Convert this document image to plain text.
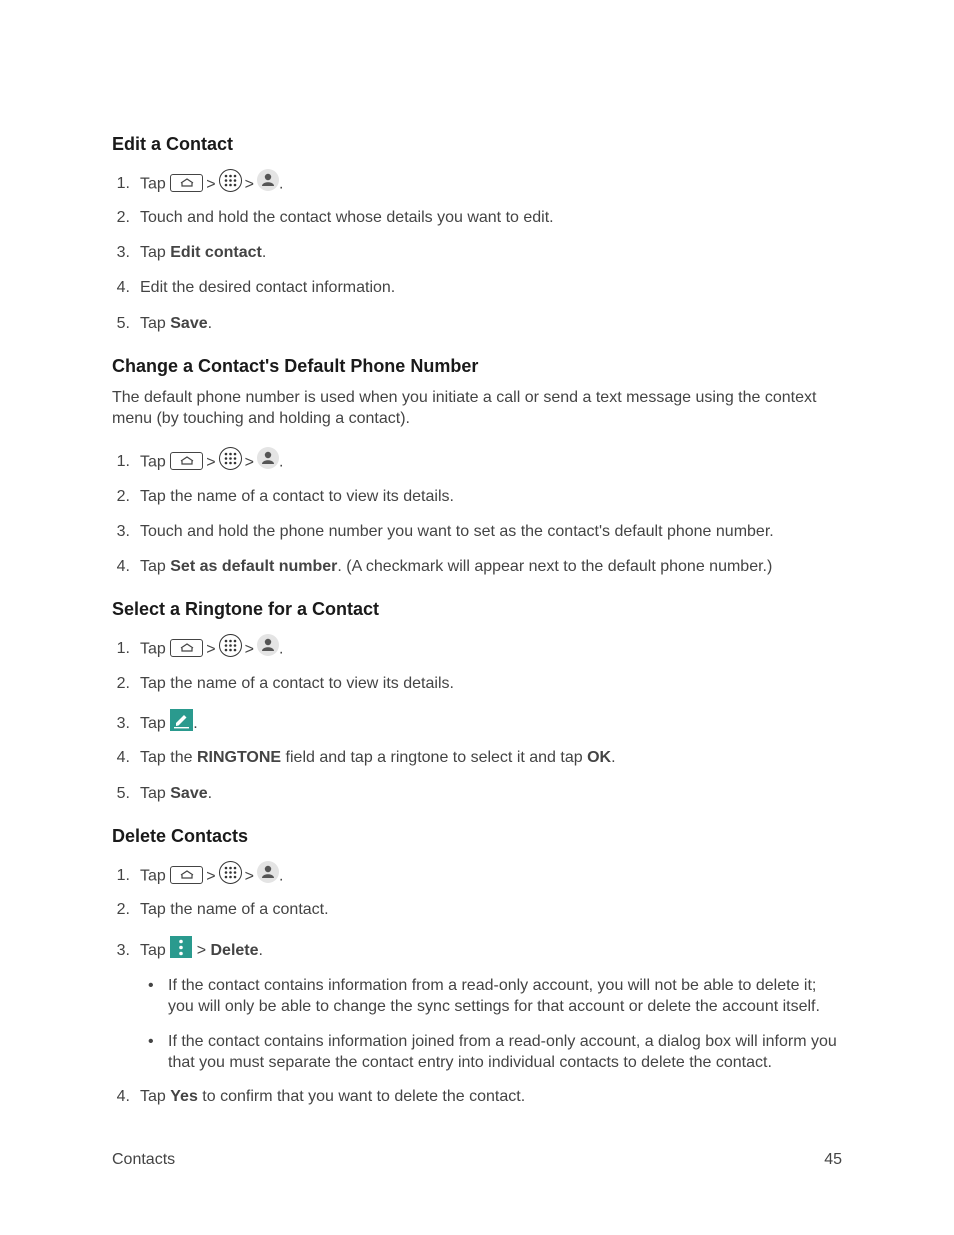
Edit a Contact
1. Tap	> > .
2. Touch and hold the contact whose details you want to edit.
3. Tap Edit contact.
4. Edit the desired contact information.
5. Tap Save.
Change a Contact's Default Phone Number

The default phone number is used when you initiate a call or send a text message using the context menu (by touching and holding a contact).

1. Tap	> > .
2. Tap the name of a contact to view its details.
3. Touch and hold the phone number you want to set as the contact's default phone number.
4. Tap Set as default number. (A checkmark will appear next to the default phone number.)
Select a Ringtone for a Contact
1. Tap	> > .
2. Tap the name of a contact to view its details.
3. Tap .
4. Tap the RINGTONE field and tap a ringtone to select it and tap OK.
5. Tap Save.
Delete Contacts
1. Tap	> > .
2. Tap the name of a contact.
3. Tap > Delete.
• If the contact contains information from a read-only account, you will not be able to delete it; you will only be able to change the sync settings for that account or delete the account itself.
• If the contact contains information joined from a read-only account, a dialog box will inform you that you must separate the contact entry into individual contacts to delete the contact.
4. Tap Yes to confirm that you want to delete the contact.
Contacts	45
